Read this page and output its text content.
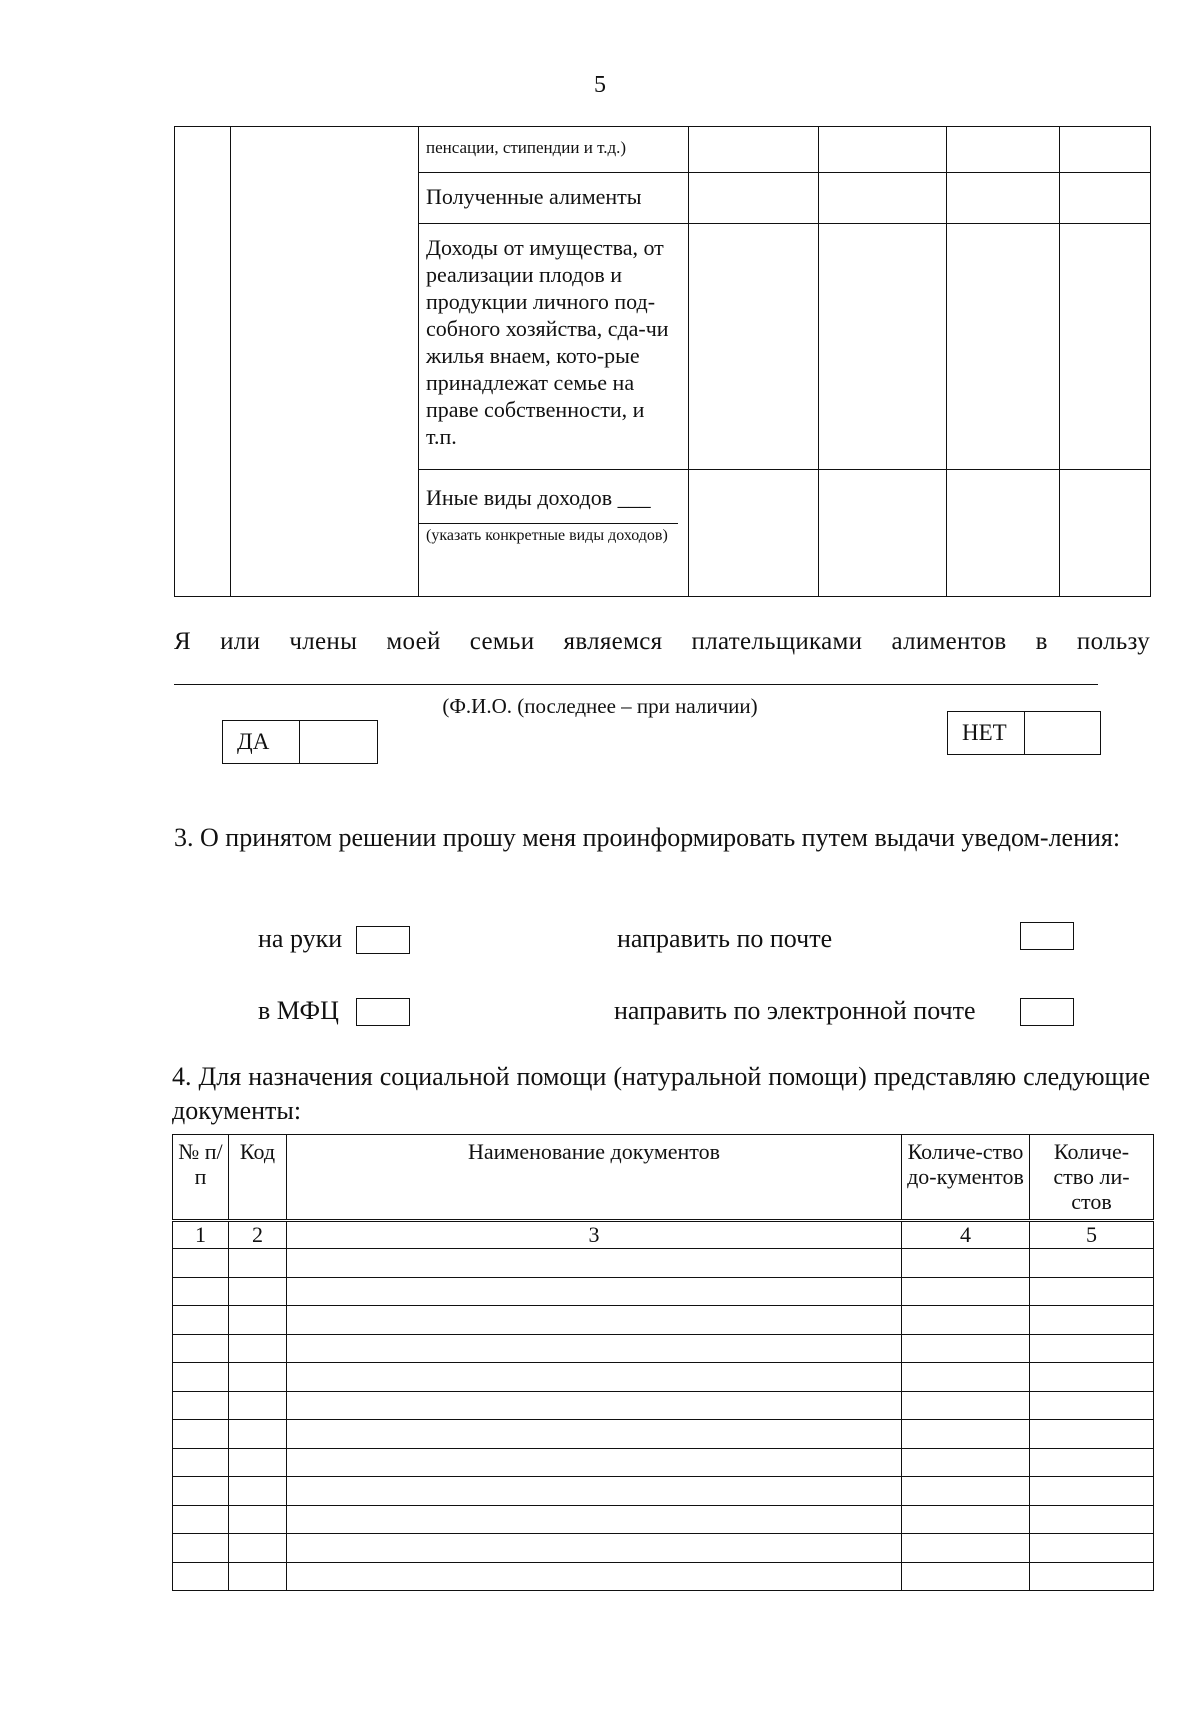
5

		пенсации, стипендии и т.д.)				

		Полученные алименты				

		Доходы от имущества, от реализации плодов и продукции личного под-собного хозяйства, сда-чи жилья внаем, кото-рые принадлежат семье на праве собственности, и т.п.				

		Иные виды доходов ___
(указать конкретные виды доходов)				

Я или члены моей семьи являемся плательщиками алиментов в пользу
(Ф.И.О. (последнее – при наличии)
ДА	НЕТ
3. О принятом решении прошу меня проинформировать путем выдачи уведом-ления:
на руки	направить по почте
в МФЦ	направить по электронной почте
4. Для назначения социальной помощи (натуральной помощи) представляю следующие документы:
№ п/п	Код	Наименование документов	Количе-ство до-кументов	Количе-ство ли-стов
1	2	3	4	5
